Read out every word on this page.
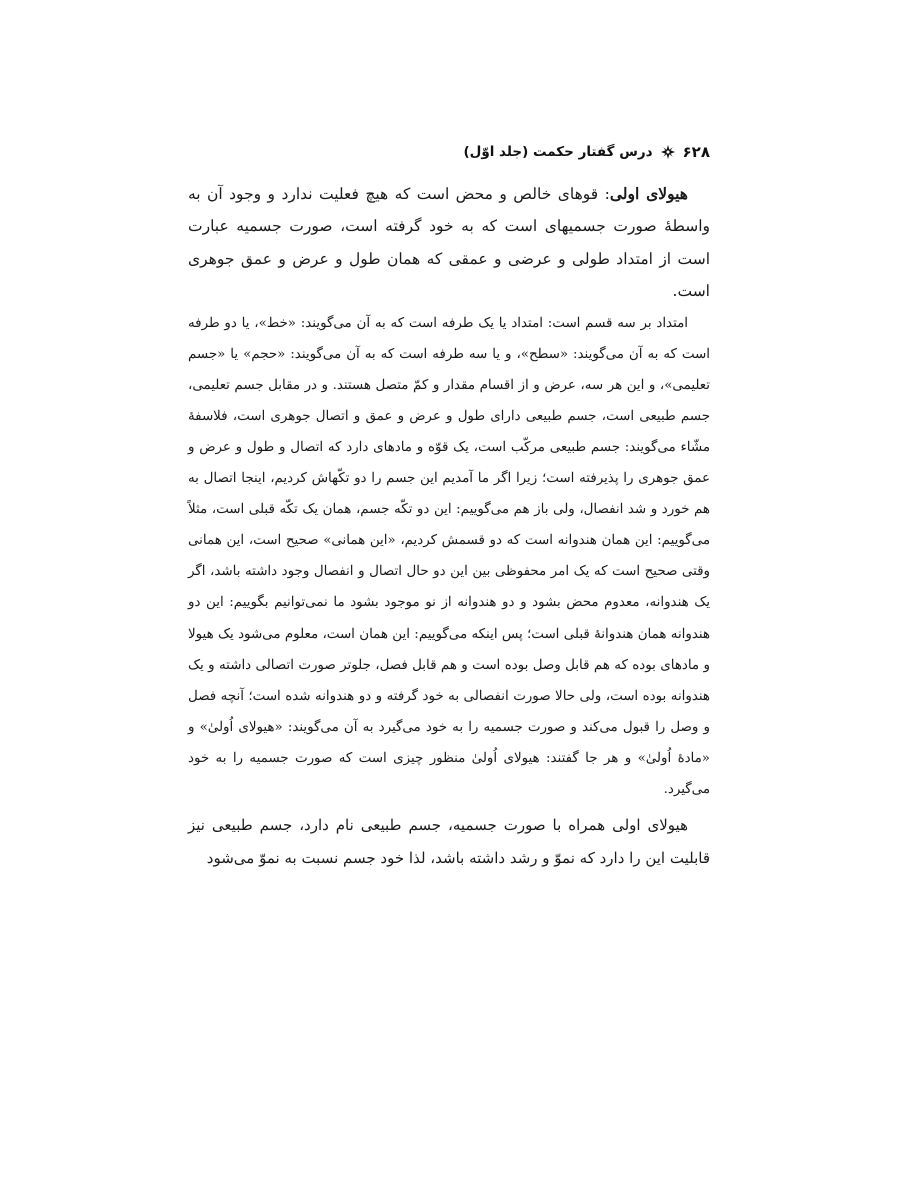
۶۲۸
درس گفتار حکمت (جلد اوّل)

هیولای اولی: قوهای خالص و محض است که هیچ فعلیت ندارد و وجود آن به واسطهٔ صورت جسمیهای است که به خود گرفته است، صورت جسمیه عبارت است از امتداد طولی و عرضی و عمقی که همان طول و عرض و عمق جوهری است.

امتداد بر سه قسم است: امتداد یا یک طرفه است که به آن می‌گویند: «خط»، یا دو طرفه است که به آن می‌گویند: «سطح»، و یا سه طرفه است که به آن می‌گویند: «حجم» یا «جسم تعلیمی»، و این هر سه، عرض و از اقسام مقدار و کمّ متصل هستند. و در مقابل جسم تعلیمی، جسم طبیعی است، جسم طبیعی دارای طول و عرض و عمق و اتصال جوهری است، فلاسفهٔ مشّاء می‌گویند: جسم طبیعی مرکّب است، یک قوّه و مادهای دارد که اتصال و طول و عرض و عمق جوهری را پذیرفته است؛ زیرا اگر ما آمدیم این جسم را دو تکّهاش کردیم، اینجا اتصال به هم خورد و شد انفصال، ولی باز هم می‌گوییم: این دو تکّه جسم، همان یک تکّه قبلی است، مثلاً می‌گوییم: این همان هندوانه است که دو قسمش کردیم، «این همانی» صحیح است، این همانی وقتی صحیح است که یک امر محفوظی بین این دو حال اتصال و انفصال وجود داشته باشد، اگر یک هندوانه، معدوم محض بشود و دو هندوانه از نو موجود بشود ما نمی‌توانیم بگوییم: این دو هندوانه همان هندوانهٔ قبلی است؛ پس اینکه می‌گوییم: این همان است، معلوم می‌شود یک هیولا و مادهای بوده که هم قابل وصل بوده است و هم قابل فصل، جلوتر صورت اتصالی داشته و یک هندوانه بوده است، ولی حالا صورت انفصالی به خود گرفته و دو هندوانه شده است؛ آنچه فصل و وصل را قبول می‌کند و صورت جسمیه را به خود می‌گیرد به آن می‌گویند: «هیولای اُولیٰ» و «مادهٔ اُولیٰ» و هر جا گفتند: هیولای اُولیٰ منظور چیزی است که صورت جسمیه را به خود می‌گیرد.

هیولای اولی همراه با صورت جسمیه، جسم طبیعی نام دارد، جسم طبیعی نیز قابلیت این را دارد که نموّ و رشد داشته باشد، لذا خود جسم نسبت به نموّ می‌شود
